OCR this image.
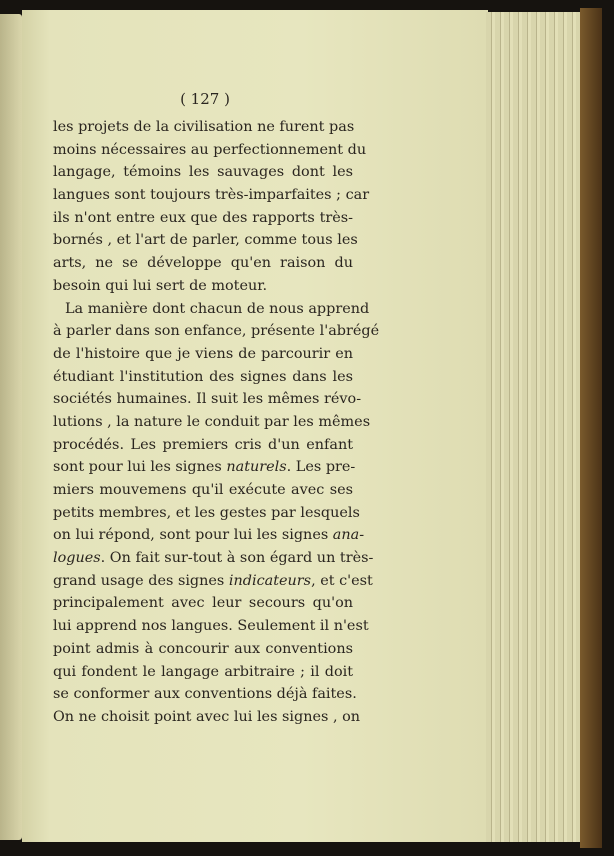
( 127 )
les projets de la civilisation ne furent pas
moins nécessaires au perfectionnement du
langage, témoins les sauvages dont les
langues sont toujours très-imparfaites ; car
ils n'ont entre eux que des rapports très-
bornés , et l'art de parler, comme tous les
arts, ne se développe qu'en raison du
besoin qui lui sert de moteur.
La manière dont chacun de nous apprend
à parler dans son enfance, présente l'abrégé
de l'histoire que je viens de parcourir en
étudiant l'institution des signes dans les
sociétés humaines. Il suit les mêmes révo-
lutions , la nature le conduit par les mêmes
procédés. Les premiers cris d'un enfant
sont pour lui les signes naturels. Les pre-
miers mouvemens qu'il exécute avec ses
petits membres, et les gestes par lesquels
on lui répond, sont pour lui les signes ana-
logues. On fait sur-tout à son égard un très-
grand usage des signes indicateurs, et c'est
principalement avec leur secours qu'on
lui apprend nos langues. Seulement il n'est
point admis à concourir aux conventions
qui fondent le langage arbitraire ; il doit
se conformer aux conventions déjà faites.
On ne choisit point avec lui les signes , on
